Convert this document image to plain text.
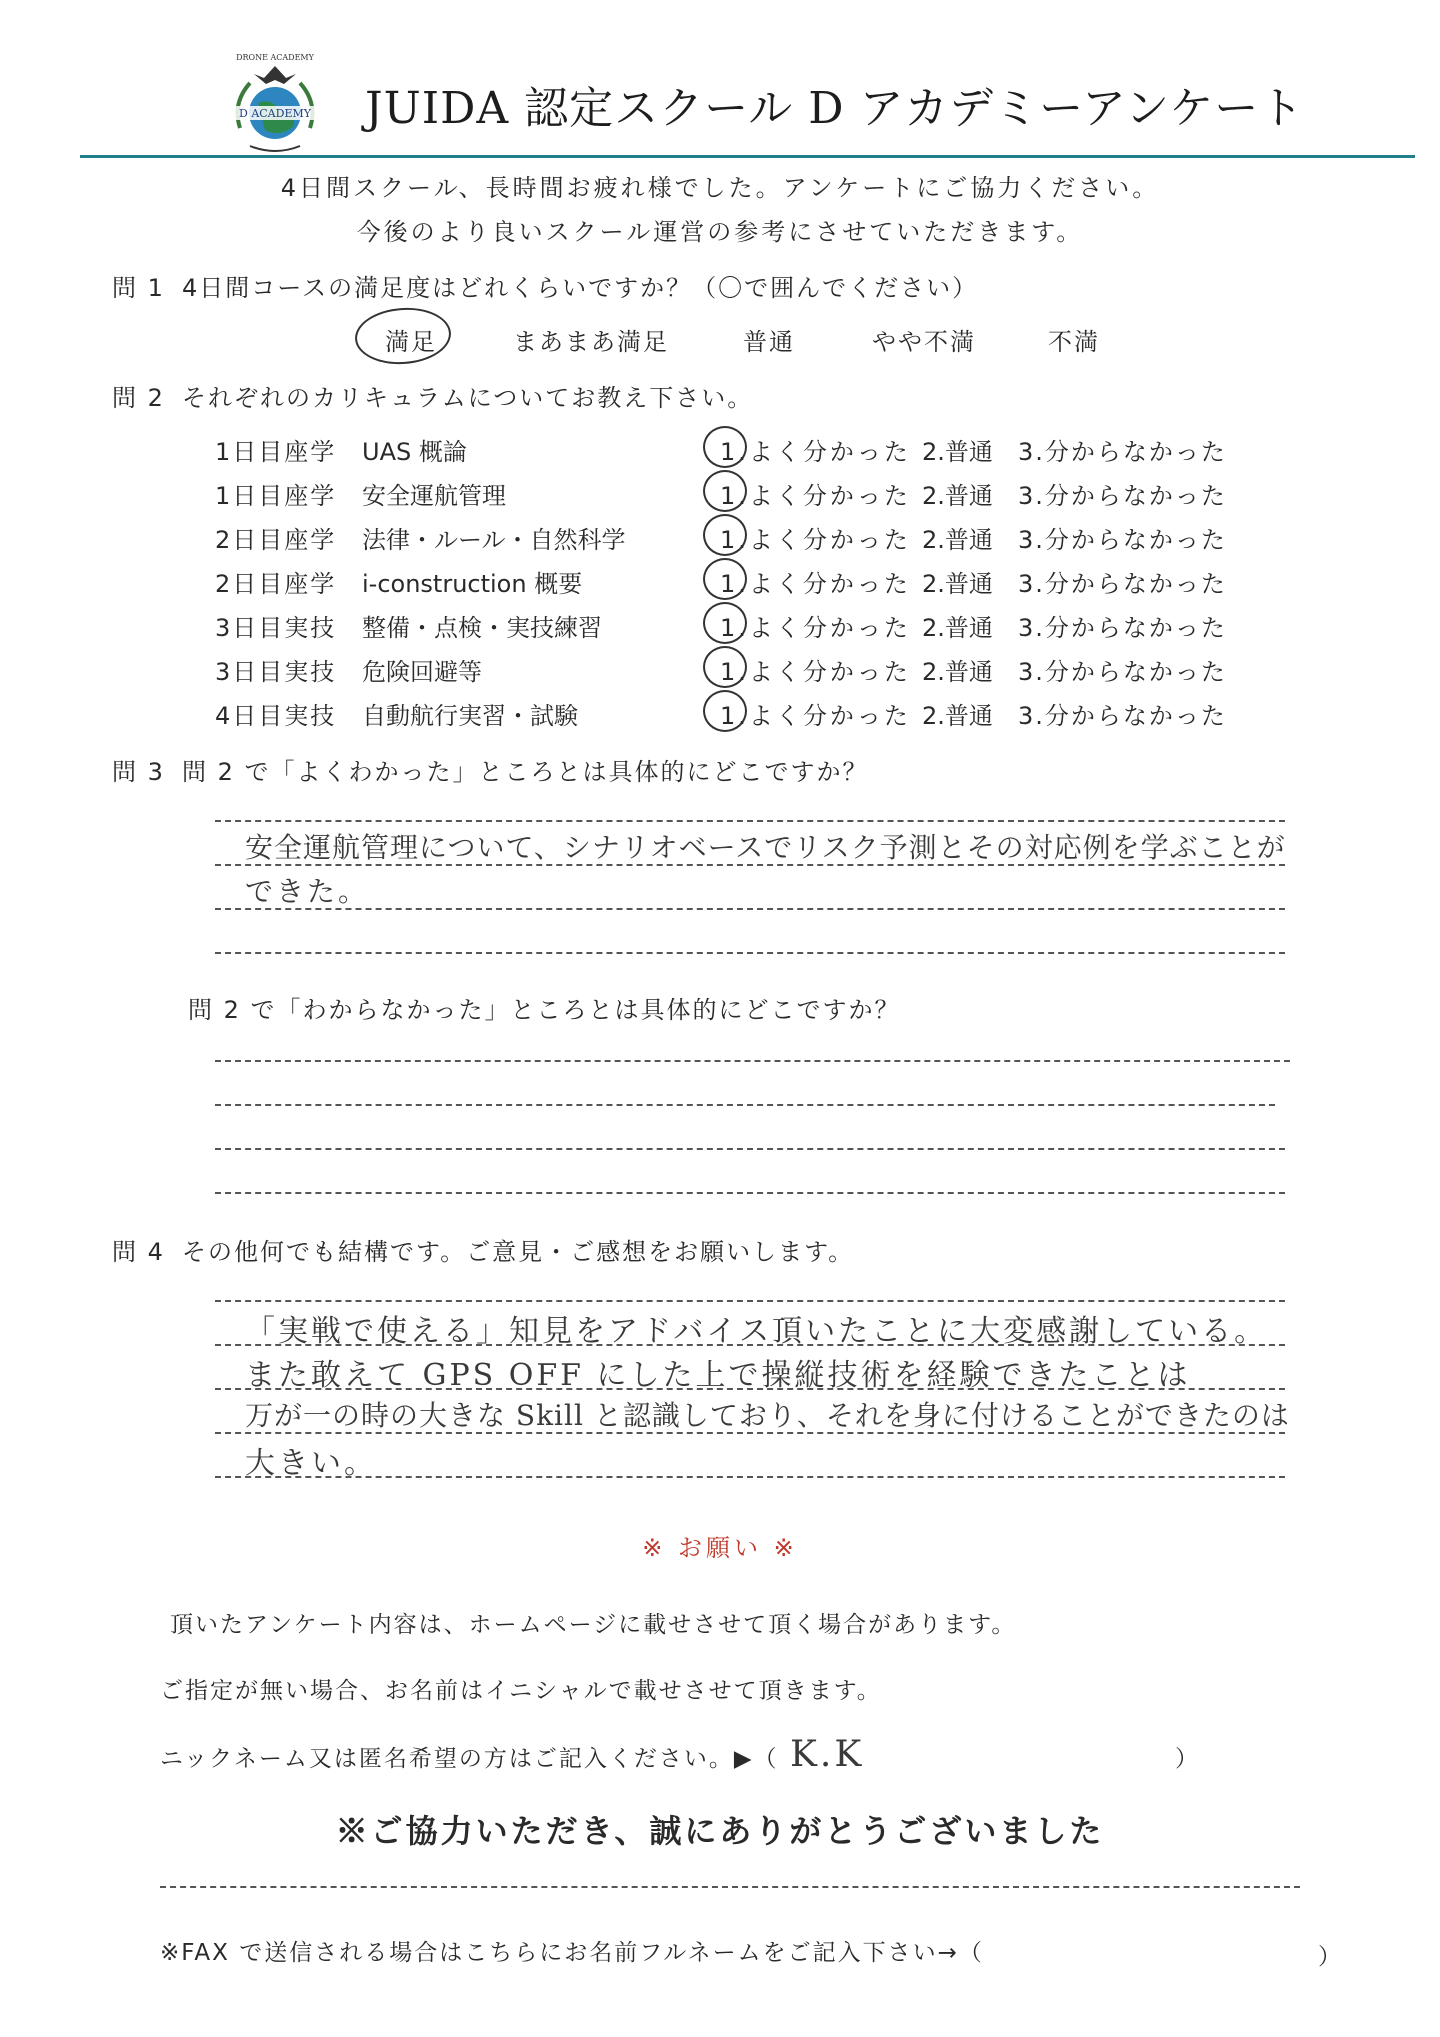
DRONE ACADEMY
D ACADEMY JUIDA 認定スクール D アカデミーアンケート
4日間スクール、長時間お疲れ様でした。アンケートにご協力ください。
今後のより良いスクール運営の参考にさせていただきます。
問 1 4日間コースの満足度はどれくらいですか？（〇で囲んでください）
満足	まあまあ満足	普通	やや不満	不満
問 2 それぞれのカリキュラムについてお教え下さい。
1日目座学 UAS 概論	1.よく分かった 2.普通 3.分からなかった
1日目座学 安全運航管理	1.よく分かった 2.普通 3.分からなかった
2日目座学 法律・ルール・自然科学	1.よく分かった 2.普通 3.分からなかった
2日目座学 i-construction 概要	1.よく分かった 2.普通 3.分からなかった
3日目実技 整備・点検・実技練習	1.よく分かった 2.普通 3.分からなかった
3日目実技 危険回避等	1.よく分かった 2.普通 3.分からなかった
4日目実技 自動航行実習・試験	1.よく分かった 2.普通 3.分からなかった
問 3 問 2 で「よくわかった」ところとは具体的にどこですか？
安全運航管理について、シナリオベースでリスク予測とその対応例を学ぶことが
できた。
問 2 で「わからなかった」ところとは具体的にどこですか？
問 4 その他何でも結構です。ご意見・ご感想をお願いします。
「実戦で使える」知見をアドバイス頂いたことに大変感謝している。
また敢えて GPS OFF にした上で操縦技術を経験できたことは
万が一の時の大きな Skill と認識しており、それを身に付けることができたのは
大きい。
※ お願い ※
頂いたアンケート内容は、ホームページに載せさせて頂く場合があります。
ご指定が無い場合、お名前はイニシャルで載せさせて頂きます。
ニックネーム又は匿名希望の方はご記入ください。▶（ K.K	）
※ご協力いただき、誠にありがとうございました
※FAX で送信される場合はこちらにお名前フルネームをご記入下さい→（	）
